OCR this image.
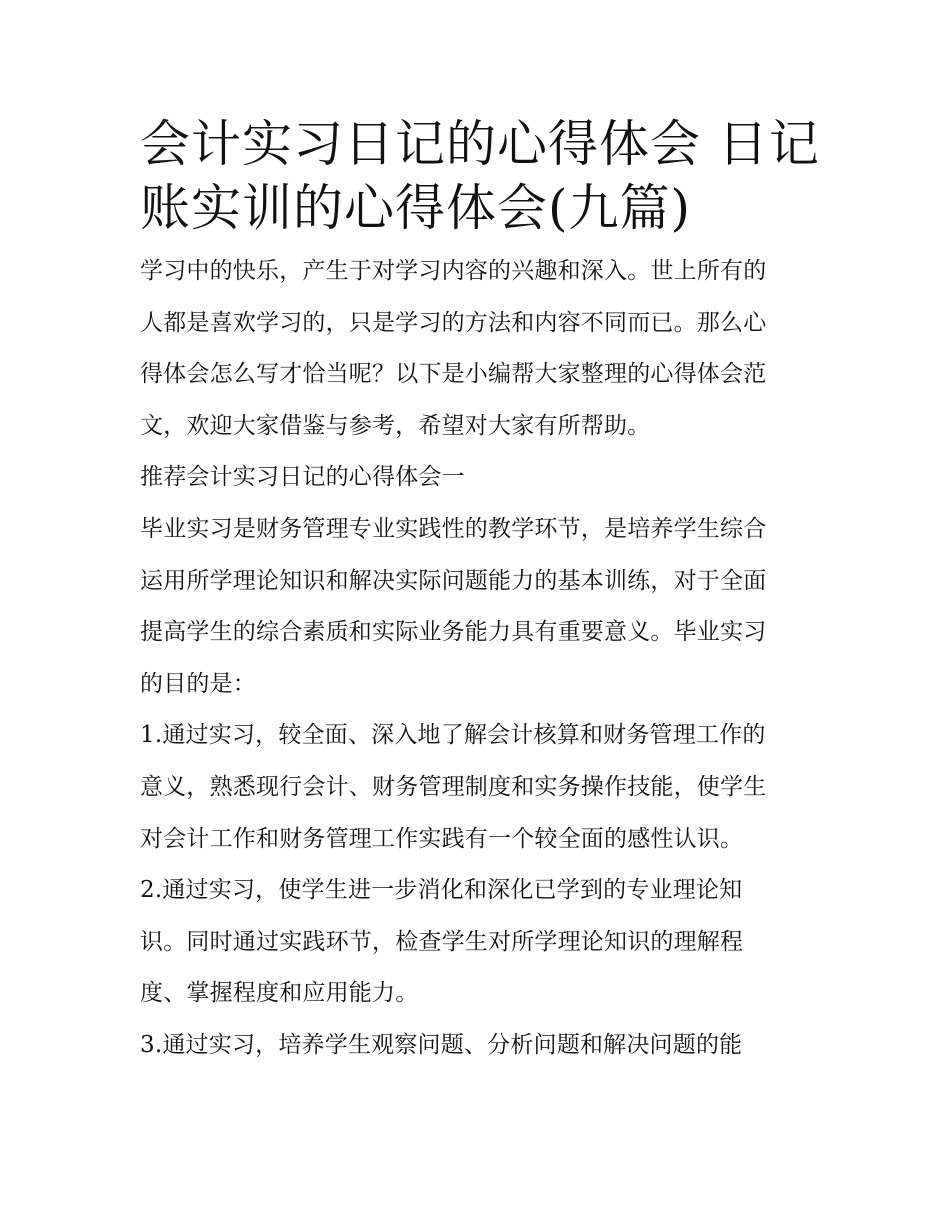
会计实习日记的心得体会 日记
账实训的心得体会(九篇)

学习中的快乐，产生于对学习内容的兴趣和深入。世上所有的
人都是喜欢学习的，只是学习的方法和内容不同而已。那么心
得体会怎么写才恰当呢？以下是小编帮大家整理的心得体会范
文，欢迎大家借鉴与参考，希望对大家有所帮助。

推荐会计实习日记的心得体会一

毕业实习是财务管理专业实践性的教学环节，是培养学生综合
运用所学理论知识和解决实际问题能力的基本训练，对于全面
提高学生的综合素质和实际业务能力具有重要意义。毕业实习
的目的是：

1.通过实习，较全面、深入地了解会计核算和财务管理工作的
意义，熟悉现行会计、财务管理制度和实务操作技能，使学生
对会计工作和财务管理工作实践有一个较全面的感性认识。

2.通过实习，使学生进一步消化和深化已学到的专业理论知
识。同时通过实践环节，检查学生对所学理论知识的理解程
度、掌握程度和应用能力。

3.通过实习，培养学生观察问题、分析问题和解决问题的能
